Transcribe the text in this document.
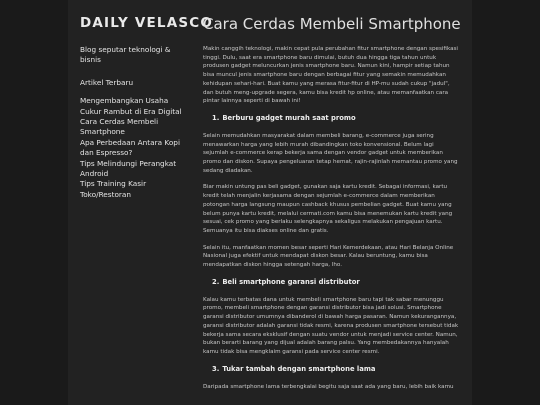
DAILY VELASCO
Cara Cerdas Membeli Smartphone

Blog seputar teknologi & bisnis

Artikel Terbaru

Mengembangkan Usaha Cukur Rambut di Era Digital
Cara Cerdas Membeli Smartphone
Apa Perbedaan Antara Kopi dan Espresso?
Tips Melindungi Perangkat Android
Tips Training Kasir Toko/Restoran

Makin canggih teknologi, makin cepat pula perubahan fitur smartphone dengan spesifikasi tinggi. Dulu, saat era smartphone baru dimulai, butuh dua hingga tiga tahun untuk produsen gadget meluncurkan jenis smartphone baru. Namun kini, hampir setiap tahun bisa muncul jenis smartphone baru dengan berbagai fitur yang semakin memudahkan kehidupan sehari-hari. Buat kamu yang merasa fitur-fitur di HP-mu sudah cukup "jadul", dan butuh meng-upgrade segera, kamu bisa kredit hp online, atau memanfaatkan cara pintar lainnya seperti di bawah ini!

1. Berburu gadget murah saat promo

Selain memudahkan masyarakat dalam membeli barang, e-commerce juga sering menawarkan harga yang lebih murah dibandingkan toko konvensional. Belum lagi sejumlah e-commerce kerap bekerja sama dengan vendor gadget untuk memberikan promo dan diskon. Supaya pengeluaran tetap hemat, rajin-rajinlah memantau promo yang sedang diadakan.

Biar makin untung pas beli gadget, gunakan saja kartu kredit. Sebagai informasi, kartu kredit telah menjalin kerjasama dengan sejumlah e-commerce dalam memberikan potongan harga langsung maupun cashback khusus pembelian gadget. Buat kamu yang belum punya kartu kredit, melalui cermati.com kamu bisa menemukan kartu kredit yang sesuai, cek promo yang berlaku selengkapnya sekaligus melakukan pengajuan kartu. Semuanya itu bisa diakses online dan gratis.

Selain itu, manfaatkan momen besar seperti Hari Kemerdekaan, atau Hari Belanja Online Nasional juga efektif untuk mendapat diskon besar. Kalau beruntung, kamu bisa mendapatkan diskon hingga setengah harga, lho.

2. Beli smartphone garansi distributor

Kalau kamu terbatas dana untuk membeli smartphone baru tapi tak sabar menunggu promo, membeli smartphone dengan garansi distributor bisa jadi solusi. Smartphone garansi distributor umumnya dibanderol di bawah harga pasaran. Namun kekurangannya, garansi distributor adalah garansi tidak resmi, karena produsen smartphone tersebut tidak bekerja sama secara eksklusif dengan suatu vendor untuk menjadi service center. Namun, bukan berarti barang yang dijual adalah barang palsu. Yang membedakannya hanyalah kamu tidak bisa mengklaim garansi pada service center resmi.

3. Tukar tambah dengan smartphone lama

Daripada smartphone lama terbengkalai begitu saja saat ada yang baru, lebih baik kamu
